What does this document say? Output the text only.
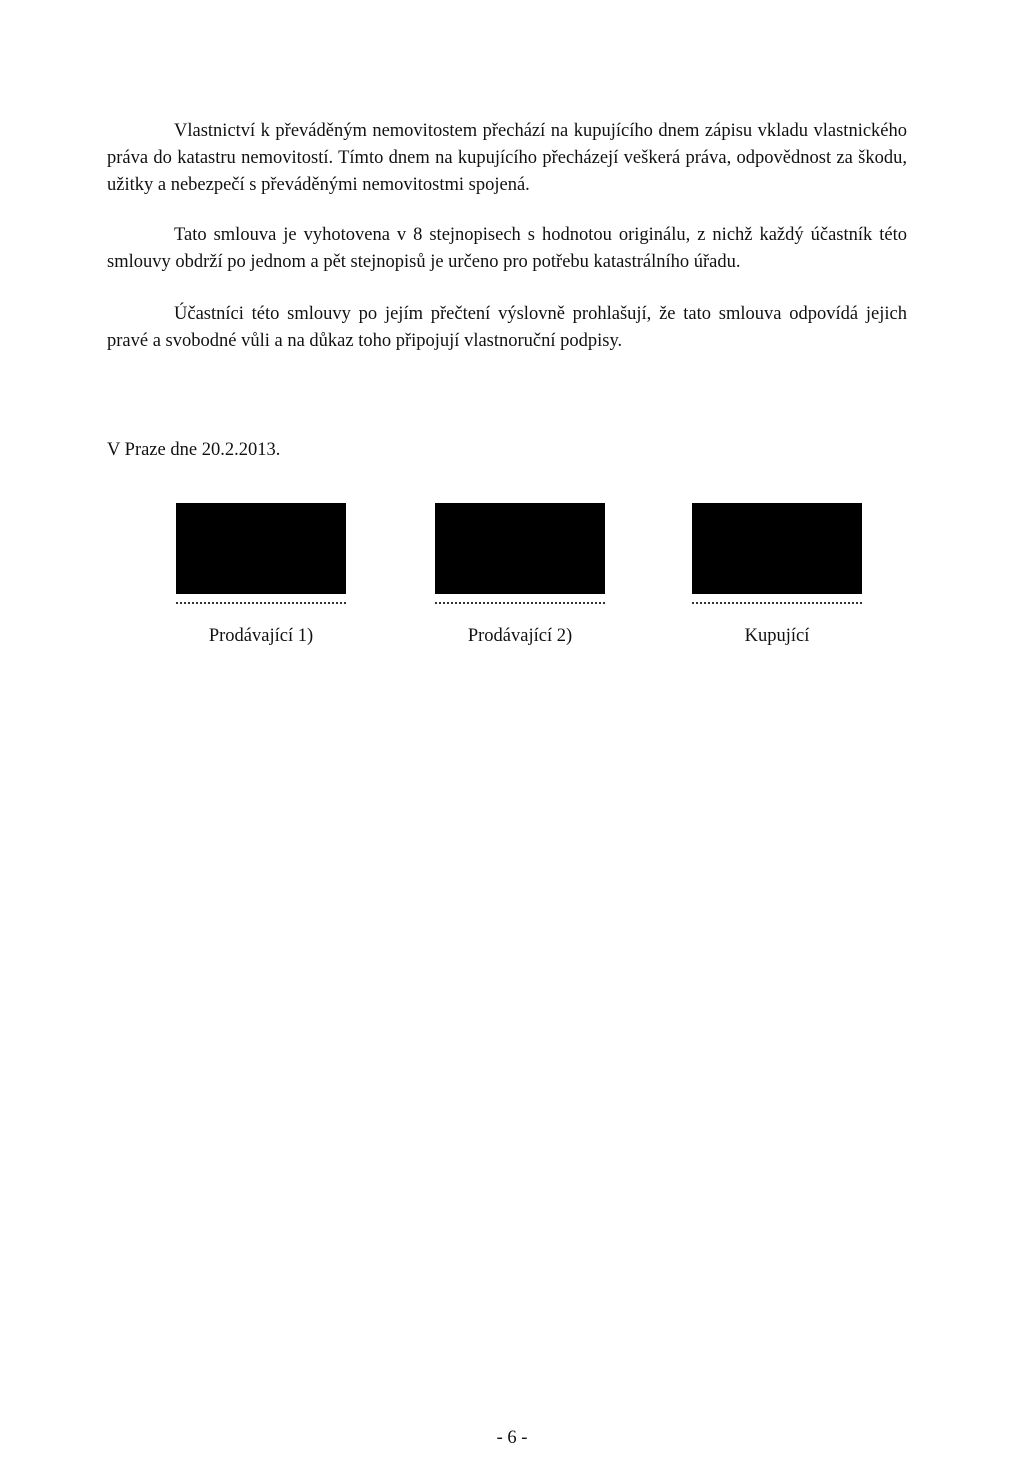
Vlastnictví k převáděným nemovitostem přechází na kupujícího dnem zápisu vkladu vlastnického práva do katastru nemovitostí. Tímto dnem na kupujícího přecházejí veškerá práva, odpovědnost za škodu, užitky a nebezpečí s převáděnými nemovitostmi spojená.

Tato smlouva je vyhotovena v 8 stejnopisech s hodnotou originálu, z nichž každý účastník této smlouvy obdrží po jednom a pět stejnopisů je určeno pro potřebu katastrálního úřadu.

Účastníci této smlouvy po jejím přečtení výslovně prohlašují, že tato smlouva odpovídá jejich pravé a svobodné vůli a na důkaz toho připojují vlastnoruční podpisy.

V Praze dne 20.2.2013.

Prodávající 1)	Prodávající 2)	Kupující
- 6 -
